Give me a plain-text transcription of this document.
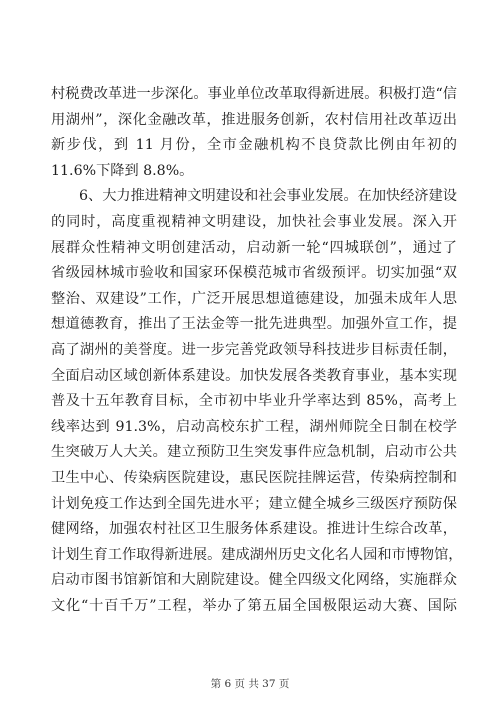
村税费改革进一步深化。事业单位改革取得新进展。积极打造“信
用湖州”，深化金融改革，推进服务创新，农村信用社改革迈出
新步伐，到 11 月份，全市金融机构不良贷款比例由年初的
11.6%下降到 8.8%。
6、大力推进精神文明建设和社会事业发展。在加快经济建设
的同时，高度重视精神文明建设，加快社会事业发展。深入开
展群众性精神文明创建活动，启动新一轮“四城联创”，通过了
省级园林城市验收和国家环保模范城市省级预评。切实加强“双
整治、双建设”工作，广泛开展思想道德建设，加强未成年人思
想道德教育，推出了王法金等一批先进典型。加强外宣工作，提
高了湖州的美誉度。进一步完善党政领导科技进步目标责任制，
全面启动区域创新体系建设。加快发展各类教育事业，基本实现
普及十五年教育目标，全市初中毕业升学率达到 85%，高考上
线率达到 91.3%，启动高校东扩工程，湖州师院全日制在校学
生突破万人大关。建立预防卫生突发事件应急机制，启动市公共
卫生中心、传染病医院建设，惠民医院挂牌运营，传染病控制和
计划免疫工作达到全国先进水平；建立健全城乡三级医疗预防保
健网络，加强农村社区卫生服务体系建设。推进计生综合改革，
计划生育工作取得新进展。建成湖州历史文化名人园和市博物馆，
启动市图书馆新馆和大剧院建设。健全四级文化网络，实施群众
文化“十百千万”工程，举办了第五届全国极限运动大赛、国际
第 6 页 共 37 页
